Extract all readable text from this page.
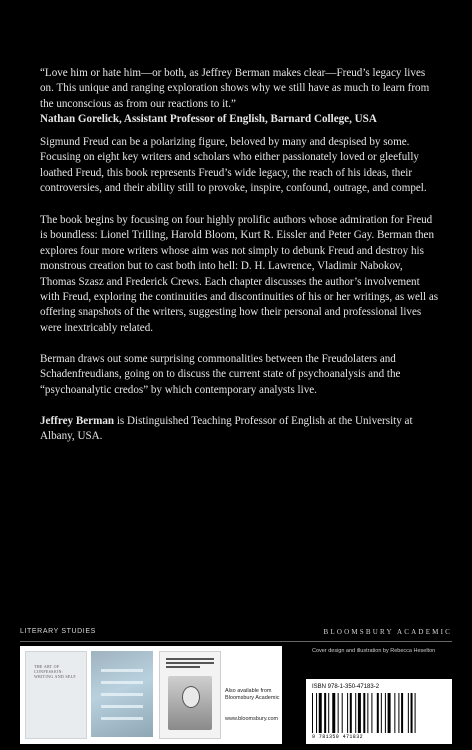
“Love him or hate him—or both, as Jeffrey Berman makes clear—Freud’s legacy lives on. This unique and ranging exploration shows why we still have as much to learn from the unconscious as from our reactions to it.”
Nathan Gorelick, Assistant Professor of English, Barnard College, USA
Sigmund Freud can be a polarizing figure, beloved by many and despised by some. Focusing on eight key writers and scholars who either passionately loved or gleefully loathed Freud, this book represents Freud’s wide legacy, the reach of his ideas, their controversies, and their ability still to provoke, inspire, confound, outrage, and compel.
The book begins by focusing on four highly prolific authors whose admiration for Freud is boundless: Lionel Trilling, Harold Bloom, Kurt R. Eissler and Peter Gay. Berman then explores four more writers whose aim was not simply to debunk Freud and destroy his monstrous creation but to cast both into hell: D. H. Lawrence, Vladimir Nabokov, Thomas Szasz and Frederick Crews. Each chapter discusses the author’s involvement with Freud, exploring the continuities and discontinuities of his or her writings, as well as offering snapshots of the writers, suggesting how their personal and professional lives were inextricably related.
Berman draws out some surprising commonalities between the Freudolaters and Schadenfreudians, going on to discuss the current state of psychoanalysis and the “psychoanalytic credos” by which contemporary analysts live.
Jeffrey Berman is Distinguished Teaching Professor of English at the University at Albany, USA.
LITERARY STUDIES	BLOOMSBURY ACADEMIC
THE ART OF CONFESSION: WRITING AND SELF
Also available from Bloomsbury Academic
www.bloomsbury.com
Cover design and illustration by Rebecca Heselton
ISBN 978-1-350-47183-2
9 781350 471832
